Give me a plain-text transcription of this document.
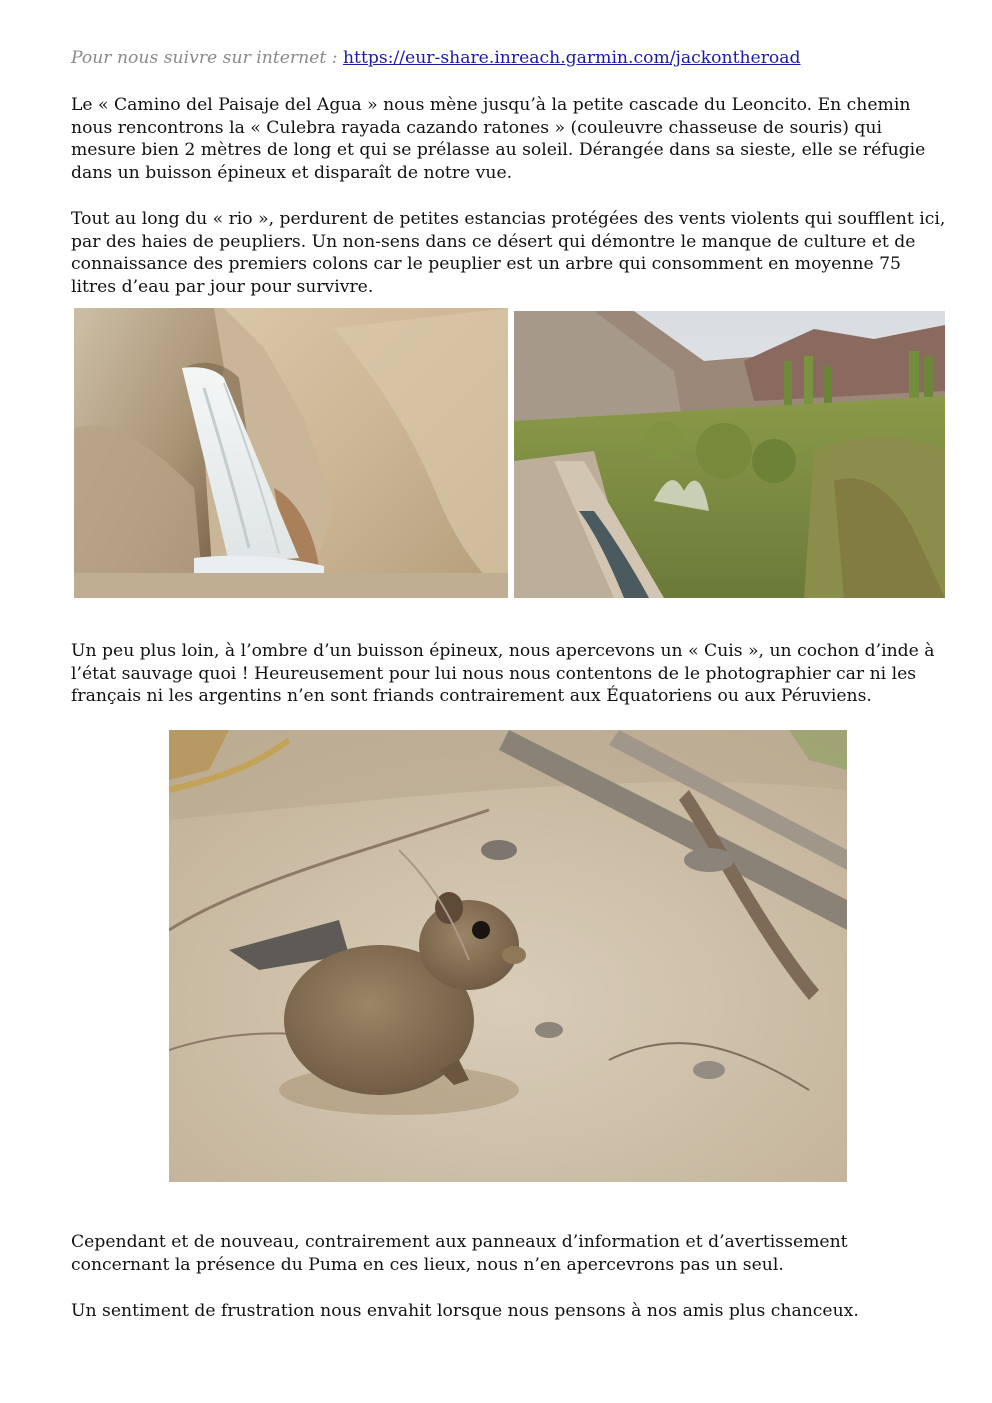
Pour nous suivre sur internet : https://eur-share.inreach.garmin.com/jackontheroad
Le « Camino del Paisaje del Agua » nous mène jusqu’à la petite cascade du Leoncito. En chemin
nous rencontrons la « Culebra rayada cazando ratones » (couleuvre chasseuse de souris) qui
mesure bien 2 mètres de long et qui se prélasse au soleil. Dérangée dans sa sieste, elle se réfugie
dans un buisson épineux et disparaît de notre vue.
Tout au long du « rio », perdurent de petites estancias protégées des vents violents qui soufflent ici,
par des haies de peupliers. Un non-sens dans ce désert qui démontre le manque de culture et de
connaissance des premiers colons car le peuplier est un arbre qui consomment en moyenne 75
litres d’eau par jour pour survivre.
Un peu plus loin, à l’ombre d’un buisson épineux, nous apercevons un « Cuis », un cochon d’inde à
l’état sauvage quoi ! Heureusement pour lui nous nous contentons de le photographier car ni les
français ni les argentins n’en sont friands contrairement aux Équatoriens ou aux Péruviens.
Cependant et de nouveau, contrairement aux panneaux d’information et d’avertissement
concernant la présence du Puma en ces lieux, nous n’en apercevrons pas un seul.
Un sentiment de frustration nous envahit lorsque nous pensons à nos amis plus chanceux.
